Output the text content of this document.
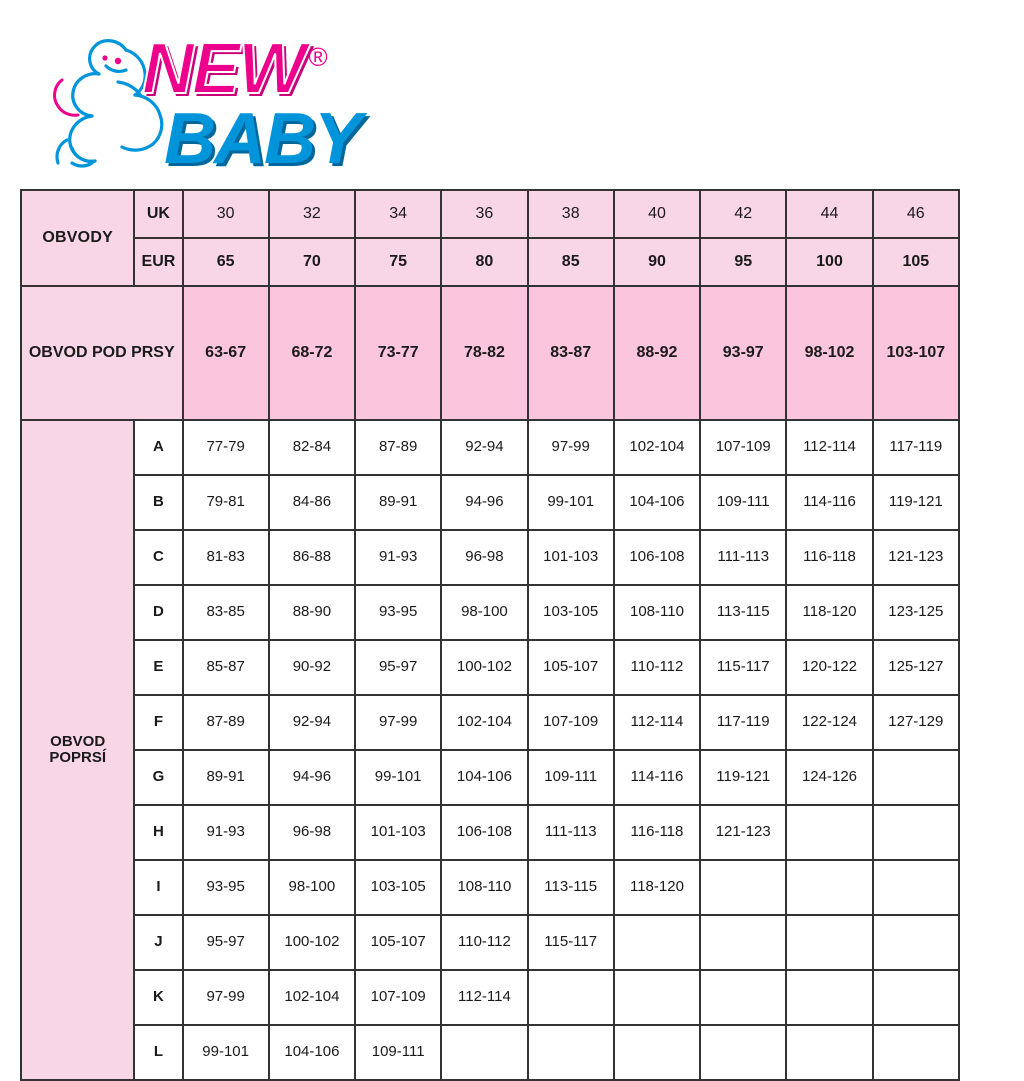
NEW ®
BABY
OBVODY	UK	30	32	34	36	38	40	42	44	46
	EUR	65	70	75	80	85	90	95	100	105
OBVOD POD PRSY		63-67	68-72	73-77	78-82	83-87	88-92	93-97	98-102	103-107
OBVOD POPRSÍ	A	77-79	82-84	87-89	92-94	97-99	102-104	107-109	112-114	117-119
	B	79-81	84-86	89-91	94-96	99-101	104-106	109-111	114-116	119-121
	C	81-83	86-88	91-93	96-98	101-103	106-108	111-113	116-118	121-123
	D	83-85	88-90	93-95	98-100	103-105	108-110	113-115	118-120	123-125
	E	85-87	90-92	95-97	100-102	105-107	110-112	115-117	120-122	125-127
	F	87-89	92-94	97-99	102-104	107-109	112-114	117-119	122-124	127-129
	G	89-91	94-96	99-101	104-106	109-111	114-116	119-121	124-126	
	H	91-93	96-98	101-103	106-108	111-113	116-118	121-123		
	I	93-95	98-100	103-105	108-110	113-115	118-120			
	J	95-97	100-102	105-107	110-112	115-117				
	K	97-99	102-104	107-109	112-114					
	L	99-101	104-106	109-111						
